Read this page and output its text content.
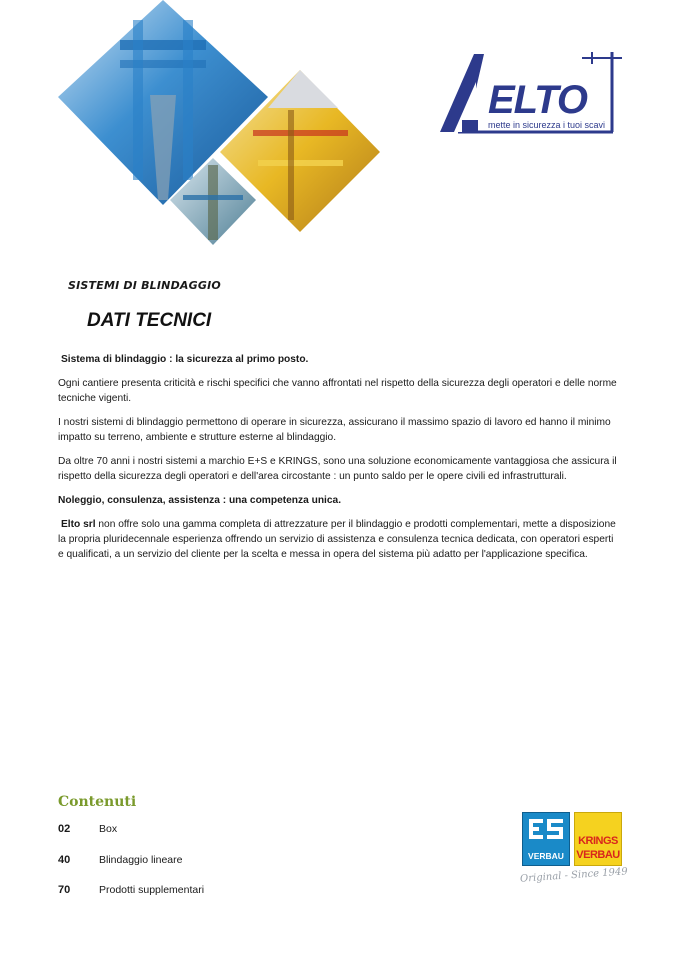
ELTO
mette in sicurezza i tuoi scavi
SISTEMI DI BLINDAGGIO
DATI TECNICI

Sistema di blindaggio : la sicurezza al primo posto.

Ogni cantiere presenta criticità e rischi specifici che vanno affrontati nel rispetto della sicurezza degli operatori e delle norme tecniche vigenti.

I nostri sistemi di blindaggio permettono di operare in sicurezza, assicurano il massimo spazio di lavoro ed hanno il minimo impatto su terreno, ambiente e strutture esterne al blindaggio.

Da oltre 70 anni i nostri sistemi a marchio E+S e KRINGS, sono una soluzione economicamente vantaggiosa che assicura il rispetto della sicurezza degli operatori e dell'area circostante : un punto saldo per le opere civili ed infrastrutturali.

Noleggio, consulenza, assistenza : una competenza unica.

Elto srl non offre solo una gamma completa di attrezzature per il blindaggio e prodotti complementari, mette a disposizione la propria pluridecennale esperienza offrendo un servizio di assistenza e consulenza tecnica dedicata, con operatori esperti e qualificati, a un servizio del cliente per la scelta e messa in opera del sistema più adatto per l'applicazione specifica.

Contenuti
02	Box
40	Blindaggio lineare
70	Prodotti supplementari
VERBAU
KRINGS
VERBAU
Original - Since 1949
